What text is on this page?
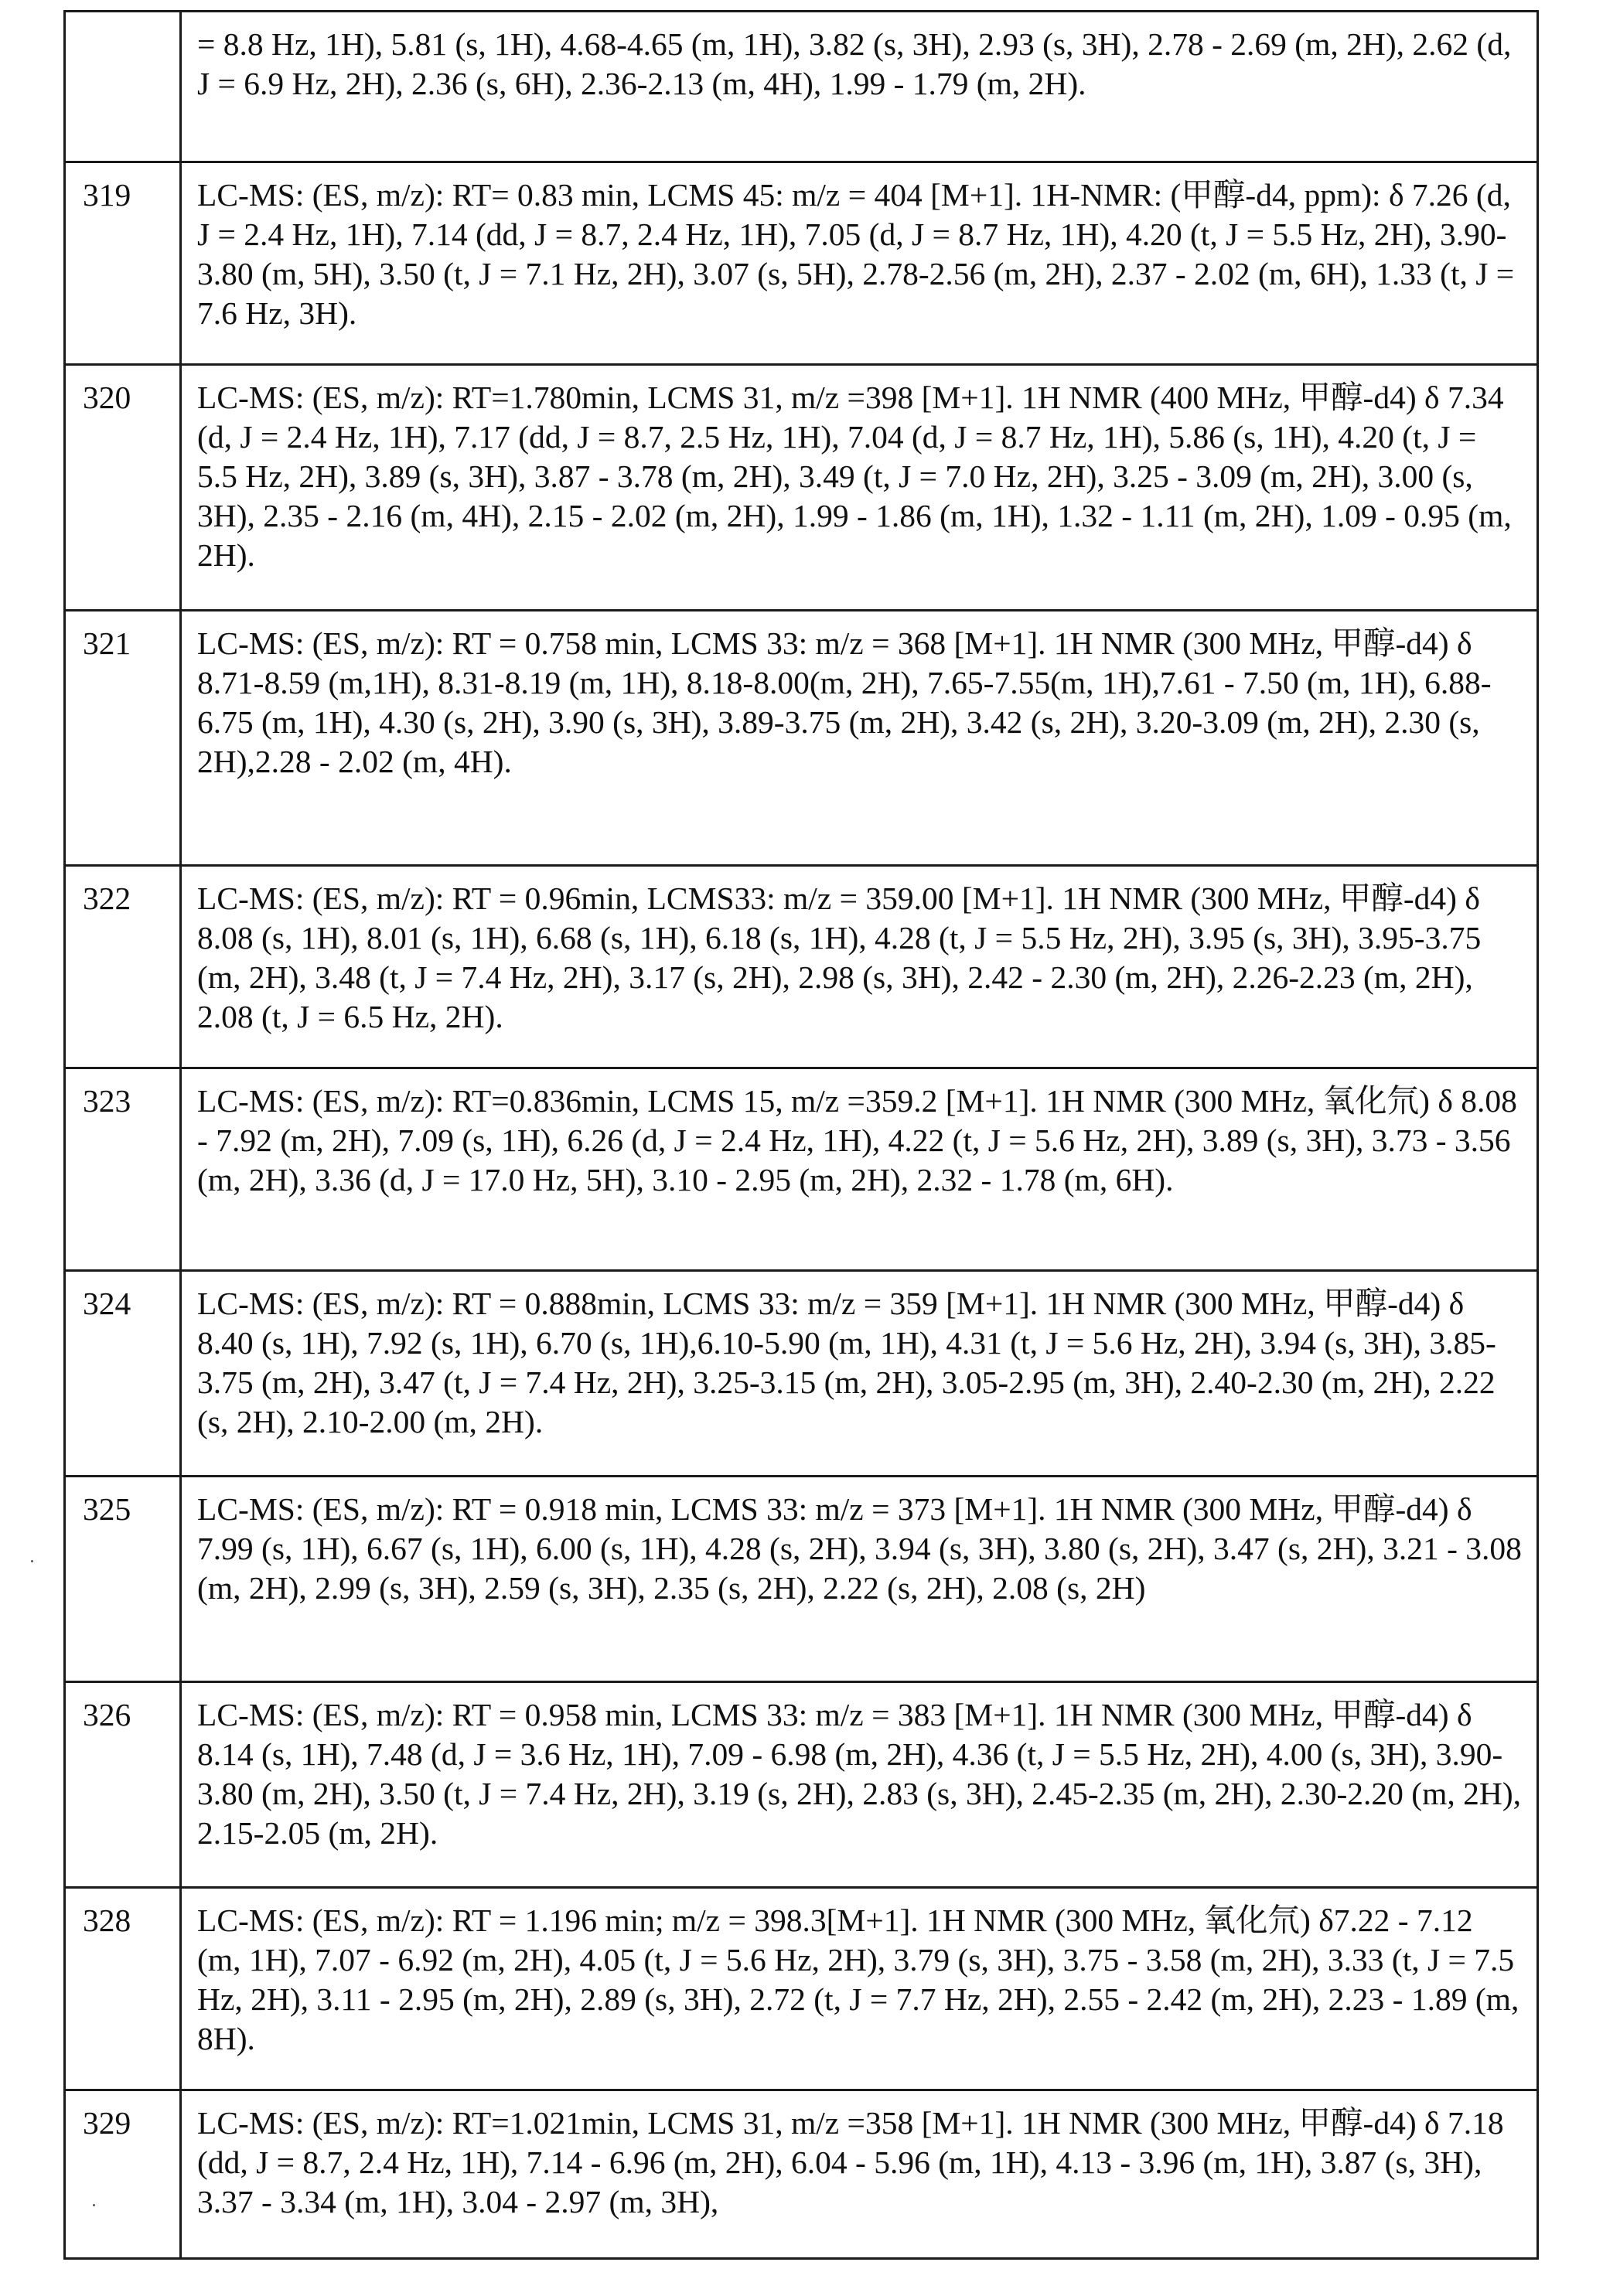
	= 8.8 Hz, 1H), 5.81 (s, 1H), 4.68-4.65 (m, 1H), 3.82 (s, 3H), 2.93 (s, 3H), 2.78 - 2.69 (m, 2H), 2.62 (d, J = 6.9 Hz, 2H), 2.36 (s, 6H), 2.36-2.13 (m, 4H), 1.99 - 1.79 (m, 2H).
319	LC-MS: (ES, m/z): RT= 0.83 min, LCMS 45: m/z = 404 [M+1]. 1H-NMR: (甲醇-d4, ppm): δ 7.26 (d, J = 2.4 Hz, 1H), 7.14 (dd, J = 8.7, 2.4 Hz, 1H), 7.05 (d, J = 8.7 Hz, 1H), 4.20 (t, J = 5.5 Hz, 2H), 3.90-3.80 (m, 5H), 3.50 (t, J = 7.1 Hz, 2H), 3.07 (s, 5H), 2.78-2.56 (m, 2H), 2.37 - 2.02 (m, 6H), 1.33 (t, J = 7.6 Hz, 3H).
320	LC-MS: (ES, m/z): RT=1.780min, LCMS 31, m/z =398 [M+1]. 1H NMR (400 MHz, 甲醇-d4) δ 7.34 (d, J = 2.4 Hz, 1H), 7.17 (dd, J = 8.7, 2.5 Hz, 1H), 7.04 (d, J = 8.7 Hz, 1H), 5.86 (s, 1H), 4.20 (t, J = 5.5 Hz, 2H), 3.89 (s, 3H), 3.87 - 3.78 (m, 2H), 3.49 (t, J = 7.0 Hz, 2H), 3.25 - 3.09 (m, 2H), 3.00 (s, 3H), 2.35 - 2.16 (m, 4H), 2.15 - 2.02 (m, 2H), 1.99 - 1.86 (m, 1H), 1.32 - 1.11 (m, 2H), 1.09 - 0.95 (m, 2H).
321	LC-MS: (ES, m/z): RT = 0.758 min, LCMS 33: m/z = 368 [M+1]. 1H NMR (300 MHz, 甲醇-d4) δ 8.71-8.59 (m,1H), 8.31-8.19 (m, 1H), 8.18-8.00(m, 2H), 7.65-7.55(m, 1H),7.61 - 7.50 (m, 1H), 6.88- 6.75 (m, 1H), 4.30 (s, 2H), 3.90 (s, 3H), 3.89-3.75 (m, 2H), 3.42 (s, 2H), 3.20-3.09 (m, 2H), 2.30 (s, 2H),2.28 - 2.02 (m, 4H).
322	LC-MS: (ES, m/z): RT = 0.96min, LCMS33: m/z = 359.00 [M+1]. 1H NMR (300 MHz, 甲醇-d4) δ 8.08 (s, 1H), 8.01 (s, 1H), 6.68 (s, 1H), 6.18 (s, 1H), 4.28 (t, J = 5.5 Hz, 2H), 3.95 (s, 3H), 3.95-3.75 (m, 2H), 3.48 (t, J = 7.4 Hz, 2H), 3.17 (s, 2H), 2.98 (s, 3H), 2.42 - 2.30 (m, 2H), 2.26-2.23 (m, 2H), 2.08 (t, J = 6.5 Hz, 2H).
323	LC-MS: (ES, m/z): RT=0.836min, LCMS 15, m/z =359.2 [M+1]. 1H NMR (300 MHz, 氧化氘) δ 8.08 - 7.92 (m, 2H), 7.09 (s, 1H), 6.26 (d, J = 2.4 Hz, 1H), 4.22 (t, J = 5.6 Hz, 2H), 3.89 (s, 3H), 3.73 - 3.56 (m, 2H), 3.36 (d, J = 17.0 Hz, 5H), 3.10 - 2.95 (m, 2H), 2.32 - 1.78 (m, 6H).
324	LC-MS: (ES, m/z): RT = 0.888min, LCMS 33: m/z = 359 [M+1]. 1H NMR (300 MHz, 甲醇-d4) δ 8.40 (s, 1H), 7.92 (s, 1H), 6.70 (s, 1H),6.10-5.90 (m, 1H), 4.31 (t, J = 5.6 Hz, 2H), 3.94 (s, 3H), 3.85-3.75 (m, 2H), 3.47 (t, J = 7.4 Hz, 2H), 3.25-3.15 (m, 2H), 3.05-2.95 (m, 3H), 2.40-2.30 (m, 2H), 2.22 (s, 2H), 2.10-2.00 (m, 2H).
325	LC-MS: (ES, m/z): RT = 0.918 min, LCMS 33: m/z = 373 [M+1]. 1H NMR (300 MHz, 甲醇-d4) δ 7.99 (s, 1H), 6.67 (s, 1H), 6.00 (s, 1H), 4.28 (s, 2H), 3.94 (s, 3H), 3.80 (s, 2H), 3.47 (s, 2H), 3.21 - 3.08 (m, 2H), 2.99 (s, 3H), 2.59 (s, 3H), 2.35 (s, 2H), 2.22 (s, 2H), 2.08 (s, 2H)
326	LC-MS: (ES, m/z): RT = 0.958 min, LCMS 33: m/z = 383 [M+1]. 1H NMR (300 MHz, 甲醇-d4) δ 8.14 (s, 1H), 7.48 (d, J = 3.6 Hz, 1H), 7.09 - 6.98 (m, 2H), 4.36 (t, J = 5.5 Hz, 2H), 4.00 (s, 3H), 3.90-3.80 (m, 2H), 3.50 (t, J = 7.4 Hz, 2H), 3.19 (s, 2H), 2.83 (s, 3H), 2.45-2.35 (m, 2H), 2.30-2.20 (m, 2H), 2.15-2.05 (m, 2H).
328	LC-MS: (ES, m/z): RT = 1.196 min; m/z = 398.3[M+1]. 1H NMR (300 MHz, 氧化氘) δ7.22 - 7.12 (m, 1H), 7.07 - 6.92 (m, 2H), 4.05 (t, J = 5.6 Hz, 2H), 3.79 (s, 3H), 3.75 - 3.58 (m, 2H), 3.33 (t, J = 7.5 Hz, 2H), 3.11 - 2.95 (m, 2H), 2.89 (s, 3H), 2.72 (t, J = 7.7 Hz, 2H), 2.55 - 2.42 (m, 2H), 2.23 - 1.89 (m, 8H).
329	LC-MS: (ES, m/z): RT=1.021min, LCMS 31, m/z =358 [M+1]. 1H NMR (300 MHz, 甲醇-d4) δ 7.18 (dd, J = 8.7, 2.4 Hz, 1H), 7.14 - 6.96 (m, 2H), 6.04 - 5.96 (m, 1H), 4.13 - 3.96 (m, 1H), 3.87 (s, 3H), 3.37 - 3.34 (m, 1H), 3.04 - 2.97 (m, 3H),
